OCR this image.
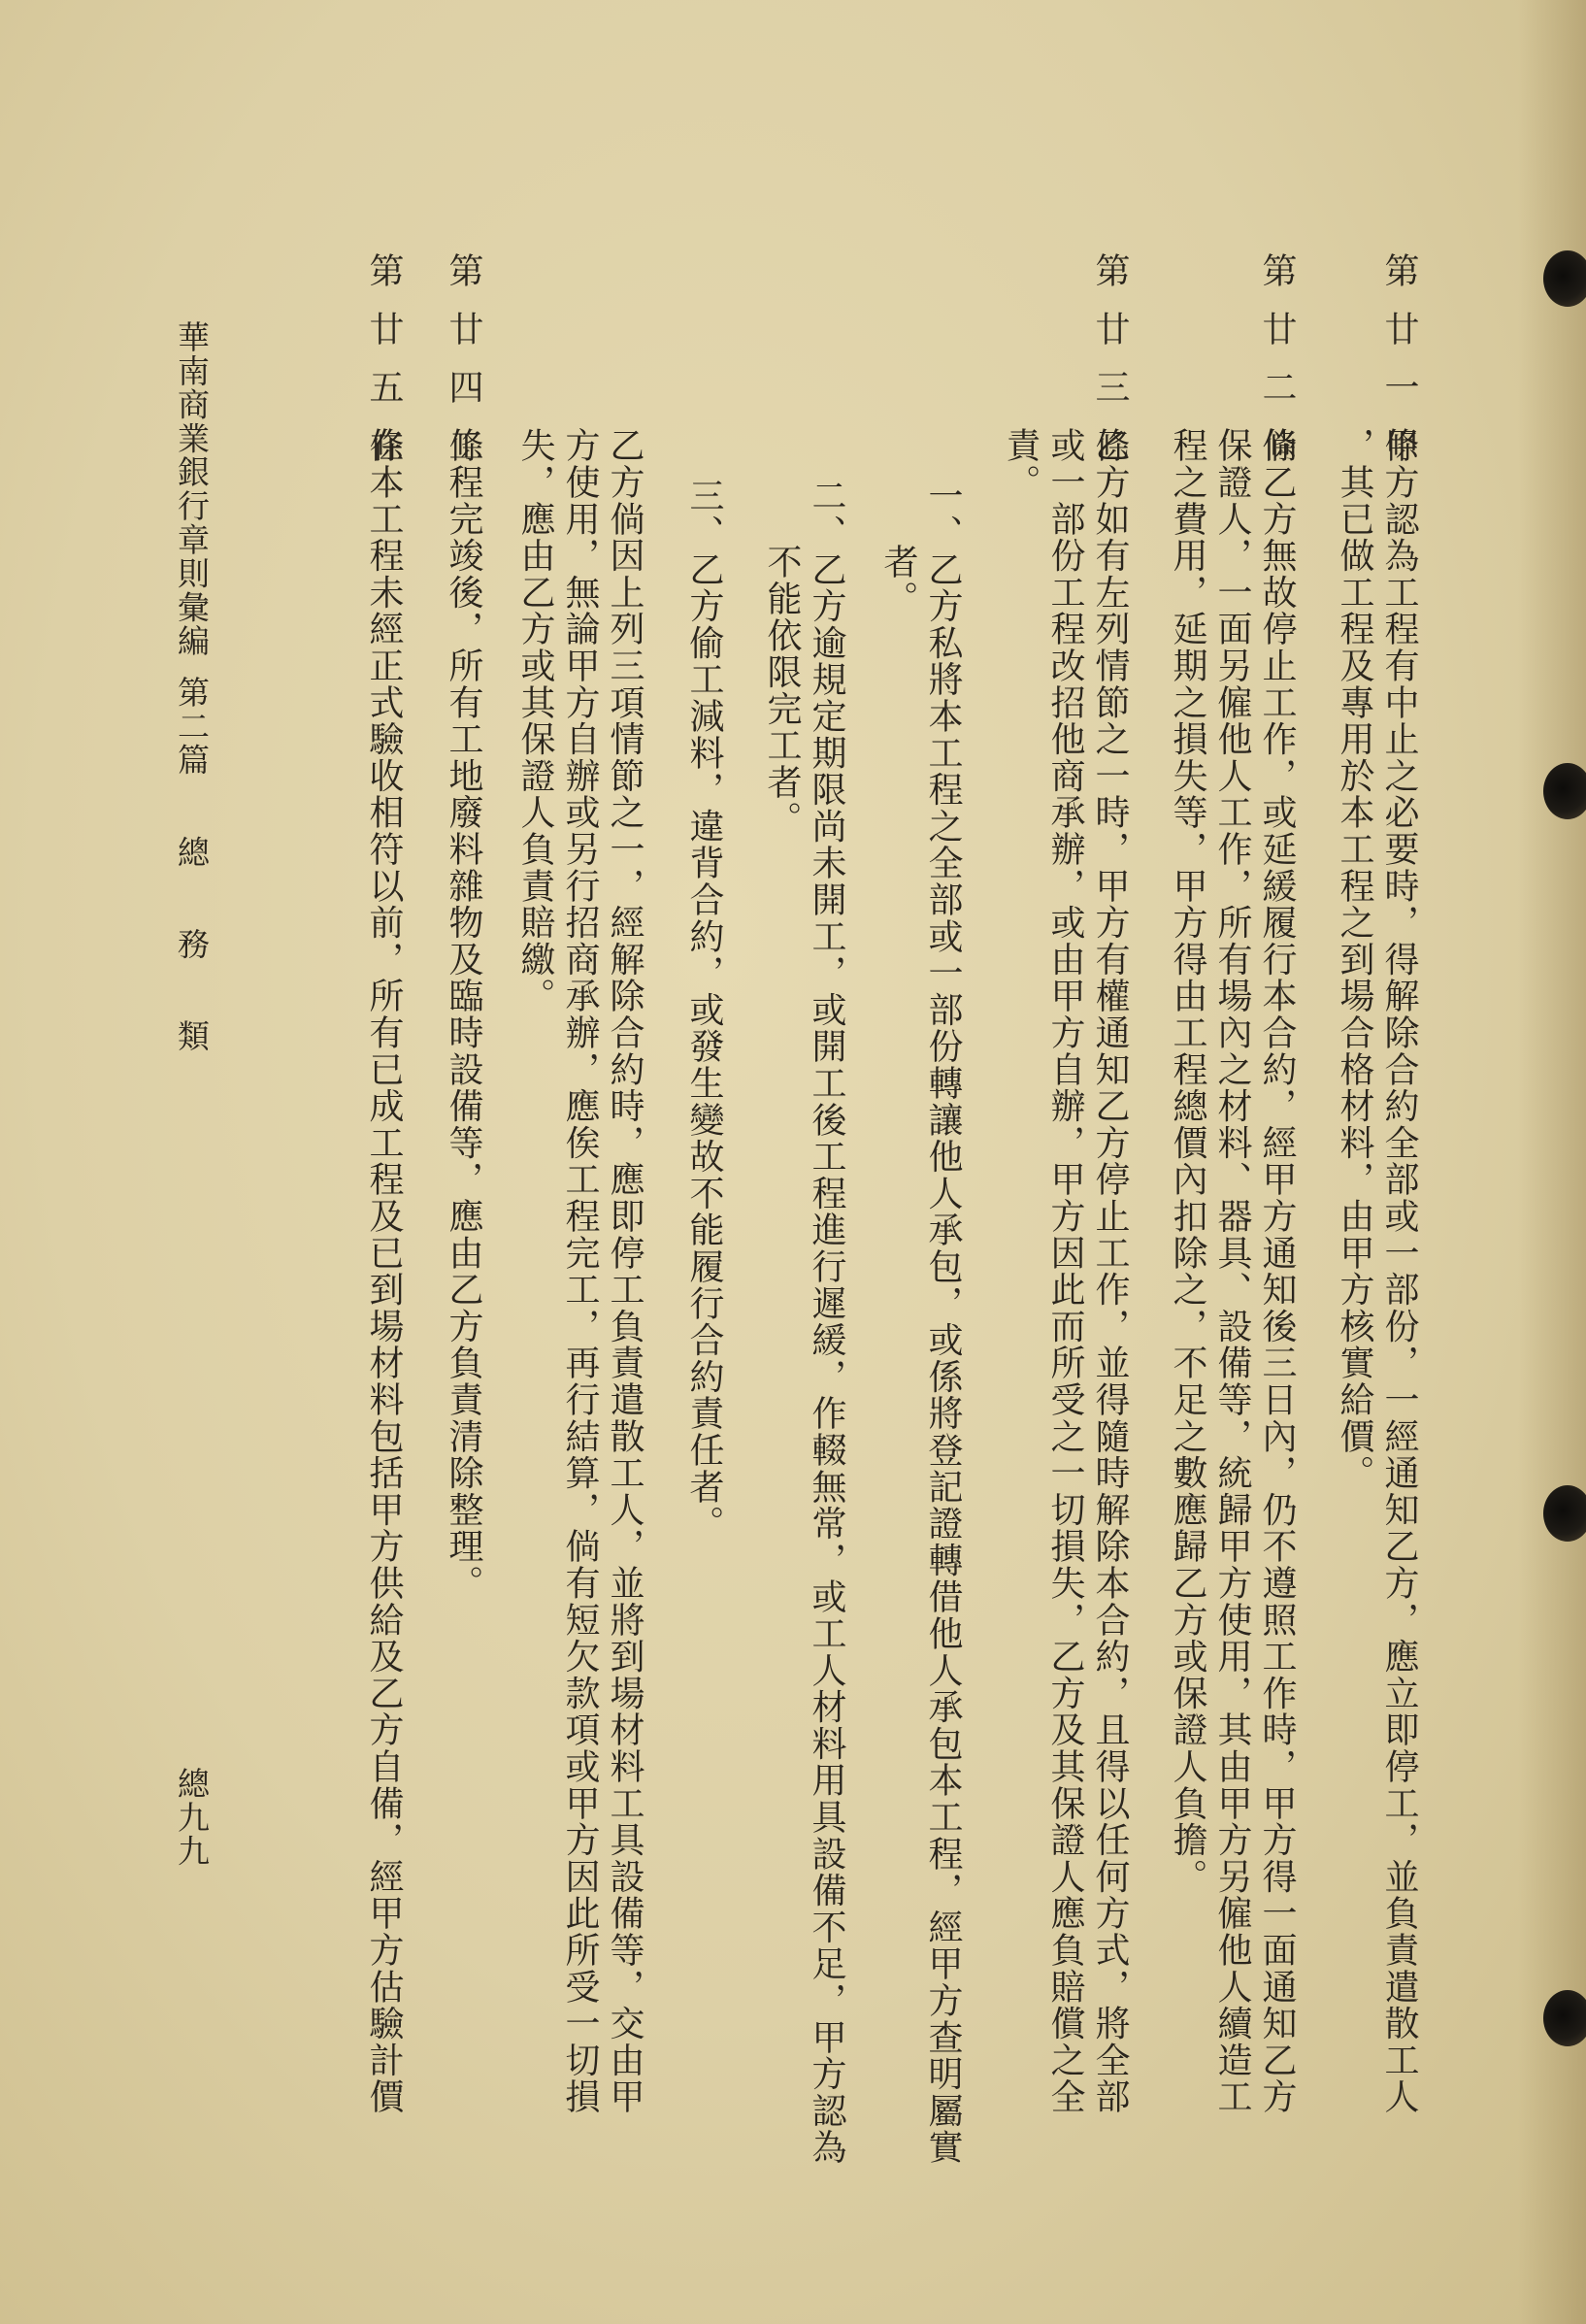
第廿一條
甲方認為工程有中止之必要時，得解除合約全部或一部份，一經通知乙方，應立即停工，並負責遣散工人
，其已做工程及專用於本工程之到場合格材料，由甲方核實給價。
第廿二條
倘乙方無故停止工作，或延緩履行本合約，經甲方通知後三日內，仍不遵照工作時，甲方得一面通知乙方
保證人，一面另僱他人工作，所有場內之材料、器具、設備等，統歸甲方使用，其由甲方另僱他人續造工
程之費用，延期之損失等，甲方得由工程總價內扣除之，不足之數應歸乙方或保證人負擔。
第廿三條
乙方如有左列情節之一時，甲方有權通知乙方停止工作，並得隨時解除本合約，且得以任何方式，將全部
或一部份工程改招他商承辦，或由甲方自辦，甲方因此而所受之一切損失，乙方及其保證人應負賠償之全
責。
一、乙方私將本工程之全部或一部份轉讓他人承包，或係將登記證轉借他人承包本工程，經甲方查明屬實
者。
二、乙方逾規定期限尚未開工，或開工後工程進行遲緩，作輟無常，或工人材料用具設備不足，甲方認為
不能依限完工者。
三、乙方偷工減料，違背合約，或發生變故不能履行合約責任者。
乙方倘因上列三項情節之一，經解除合約時，應即停工負責遣散工人，並將到場材料工具設備等，交由甲
方使用，無論甲方自辦或另行招商承辦，應俟工程完工，再行結算，倘有短欠款項或甲方因此所受一切損
失，應由乙方或其保證人負責賠繳。
第廿四條
工程完竣後，所有工地廢料雜物及臨時設備等，應由乙方負責清除整理。
第廿五條
在本工程未經正式驗收相符以前，所有已成工程及已到場材料包括甲方供給及乙方自備，經甲方估驗計價
華南商業銀行章則彙編第二篇總務類
總九九
